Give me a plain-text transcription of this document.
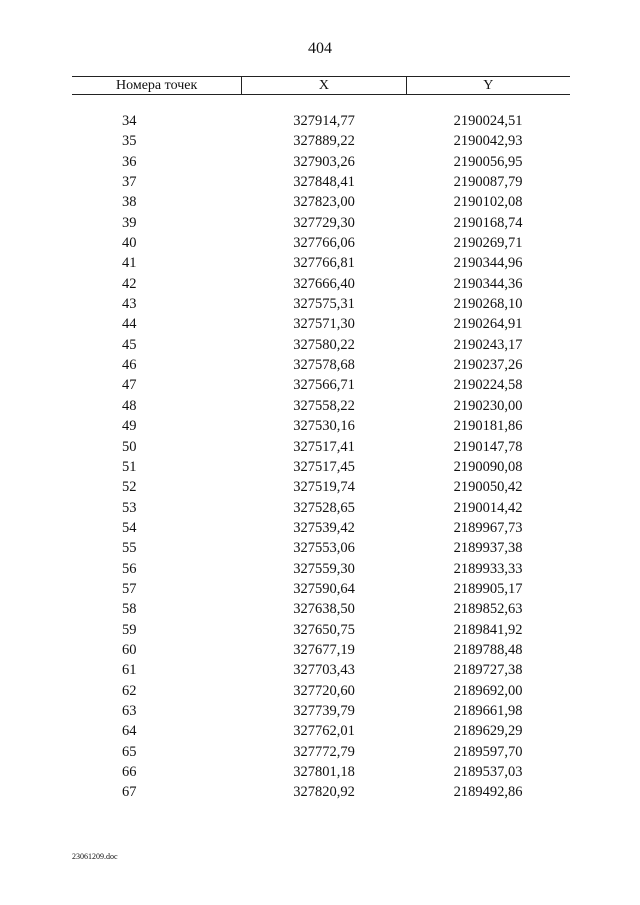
404
Номера точек	X	Y
34	327914,77	2190024,51
35	327889,22	2190042,93
36	327903,26	2190056,95
37	327848,41	2190087,79
38	327823,00	2190102,08
39	327729,30	2190168,74
40	327766,06	2190269,71
41	327766,81	2190344,96
42	327666,40	2190344,36
43	327575,31	2190268,10
44	327571,30	2190264,91
45	327580,22	2190243,17
46	327578,68	2190237,26
47	327566,71	2190224,58
48	327558,22	2190230,00
49	327530,16	2190181,86
50	327517,41	2190147,78
51	327517,45	2190090,08
52	327519,74	2190050,42
53	327528,65	2190014,42
54	327539,42	2189967,73
55	327553,06	2189937,38
56	327559,30	2189933,33
57	327590,64	2189905,17
58	327638,50	2189852,63
59	327650,75	2189841,92
60	327677,19	2189788,48
61	327703,43	2189727,38
62	327720,60	2189692,00
63	327739,79	2189661,98
64	327762,01	2189629,29
65	327772,79	2189597,70
66	327801,18	2189537,03
67	327820,92	2189492,86
23061209.doc
